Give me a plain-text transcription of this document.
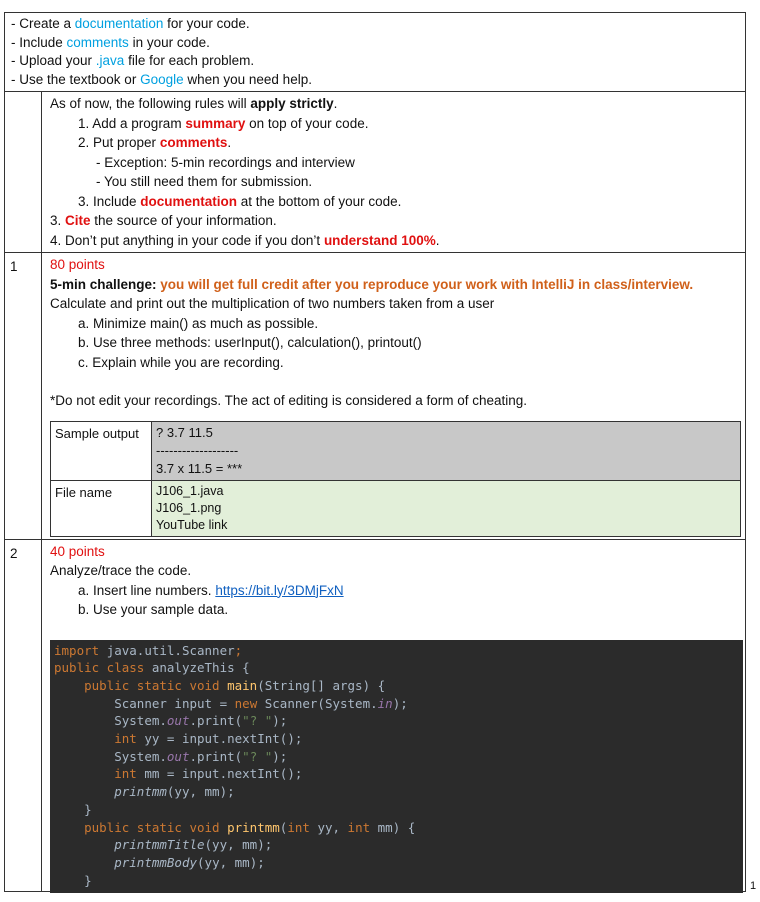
- Create a documentation for your code.
- Include comments in your code.
- Upload your .java file for each problem.
- Use the textbook or Google when you need help.
As of now, the following rules will apply strictly.
1. Add a program summary on top of your code.
2. Put proper comments.
- Exception: 5-min recordings and interview
- You still need them for submission.
3. Include documentation at the bottom of your code.
3. Cite the source of your information.
4. Don’t put anything in your code if you don’t understand 100%.
1	80 points
5-min challenge: you will get full credit after you reproduce your work with IntelliJ in class/interview.
Calculate and print out the multiplication of two numbers taken from a user
a. Minimize main() as much as possible.
b. Use three methods: userInput(), calculation(), printout()
c. Explain while you are recording.
*Do not edit your recordings. The act of editing is considered a form of cheating.
Sample output	? 3.7 11.5
-------------------
3.7 x 11.5 = ***

File name	J106_1.java
J106_1.png
YouTube link
2	40 points
Analyze/trace the code.
a. Insert line numbers. https://bit.ly/3DMjFxN
b. Use your sample data.
import java.util.Scanner;
public class analyzeThis {
public static void main(String[] args) {
Scanner input = new Scanner(System.in);
System.out.print("? ");
int yy = input.nextInt();
System.out.print("? ");
int mm = input.nextInt();
printmm(yy, mm);
}
public static void printmm(int yy, int mm) {
printmmTitle(yy, mm);
printmmBody(yy, mm);
}	1
